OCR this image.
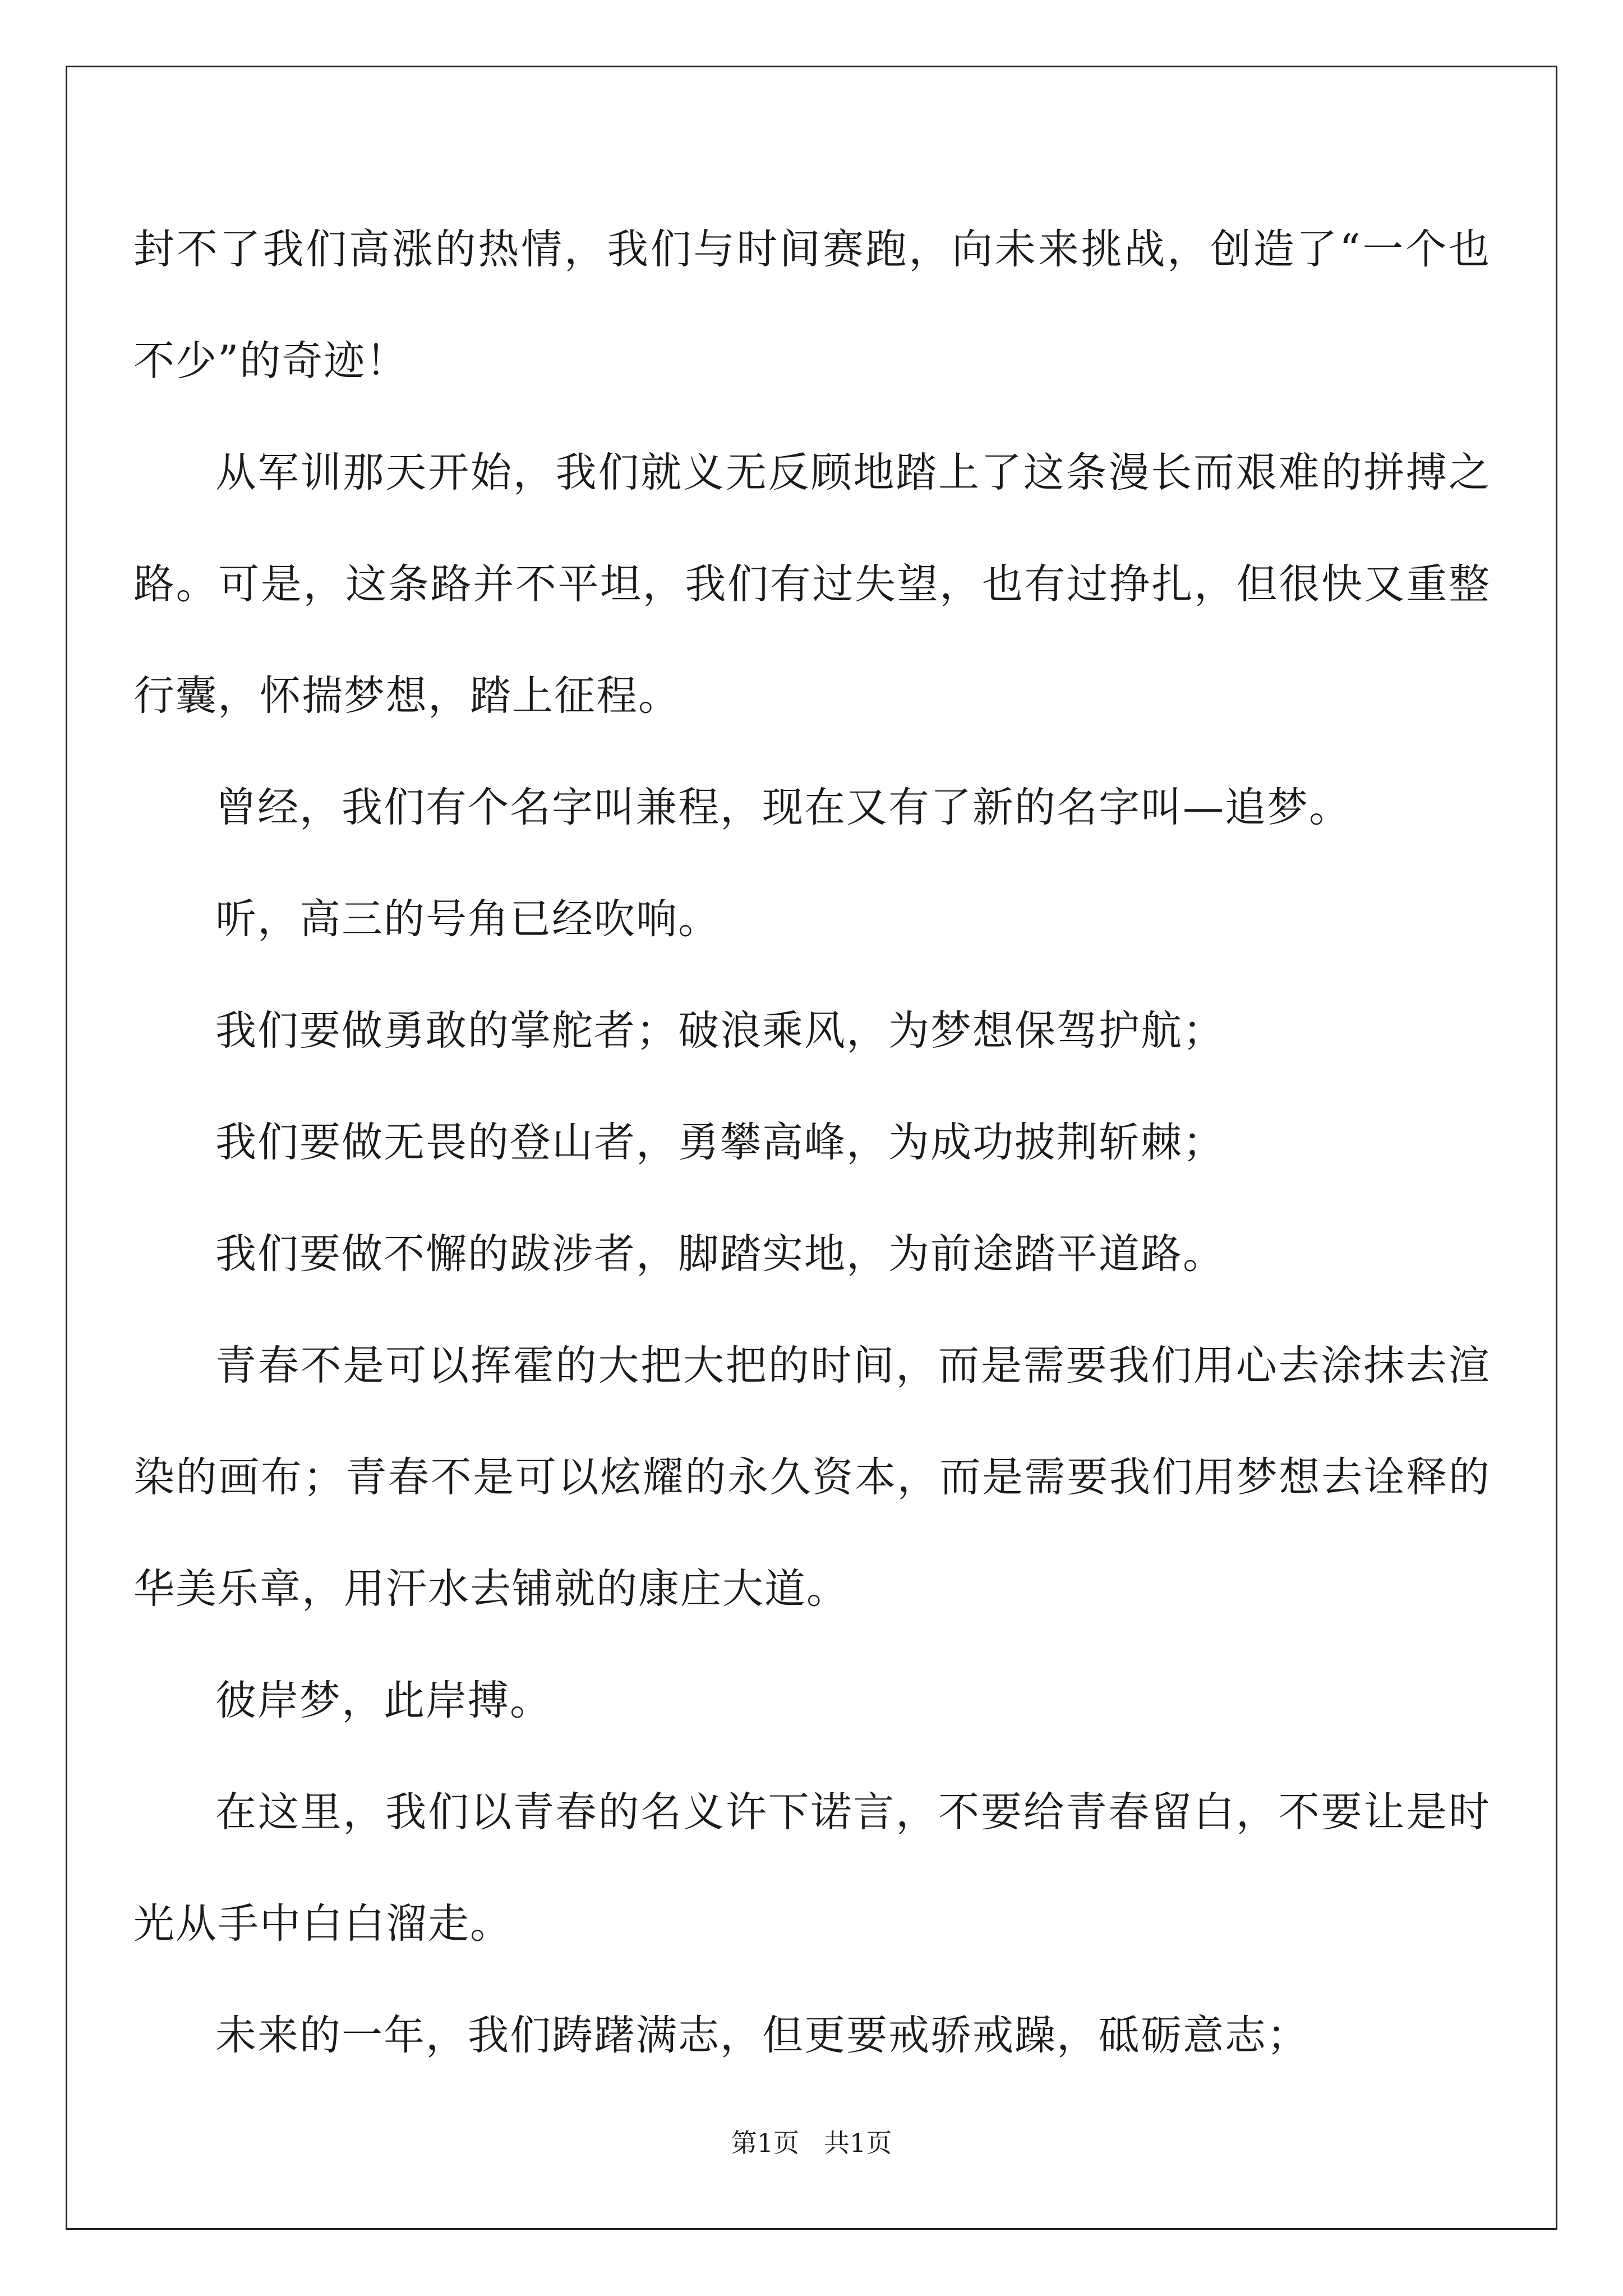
封不了我们高涨的热情，我们与时间赛跑，向未来挑战，创造了“一个也不少”的奇迹！

从军训那天开始，我们就义无反顾地踏上了这条漫长而艰难的拼搏之路。可是，这条路并不平坦，我们有过失望，也有过挣扎，但很快又重整行囊，怀揣梦想，踏上征程。

曾经，我们有个名字叫兼程，现在又有了新的名字叫—追梦。

听，高三的号角已经吹响。

我们要做勇敢的掌舵者；破浪乘风，为梦想保驾护航；

我们要做无畏的登山者，勇攀高峰，为成功披荆斩棘；

我们要做不懈的跋涉者，脚踏实地，为前途踏平道路。

青春不是可以挥霍的大把大把的时间，而是需要我们用心去涂抹去渲染的画布；青春不是可以炫耀的永久资本，而是需要我们用梦想去诠释的华美乐章，用汗水去铺就的康庄大道。

彼岸梦，此岸搏。

在这里，我们以青春的名义许下诺言，不要给青春留白，不要让是时光从手中白白溜走。

未来的一年，我们踌躇满志，但更要戒骄戒躁，砥砺意志；

第1页 共1页
